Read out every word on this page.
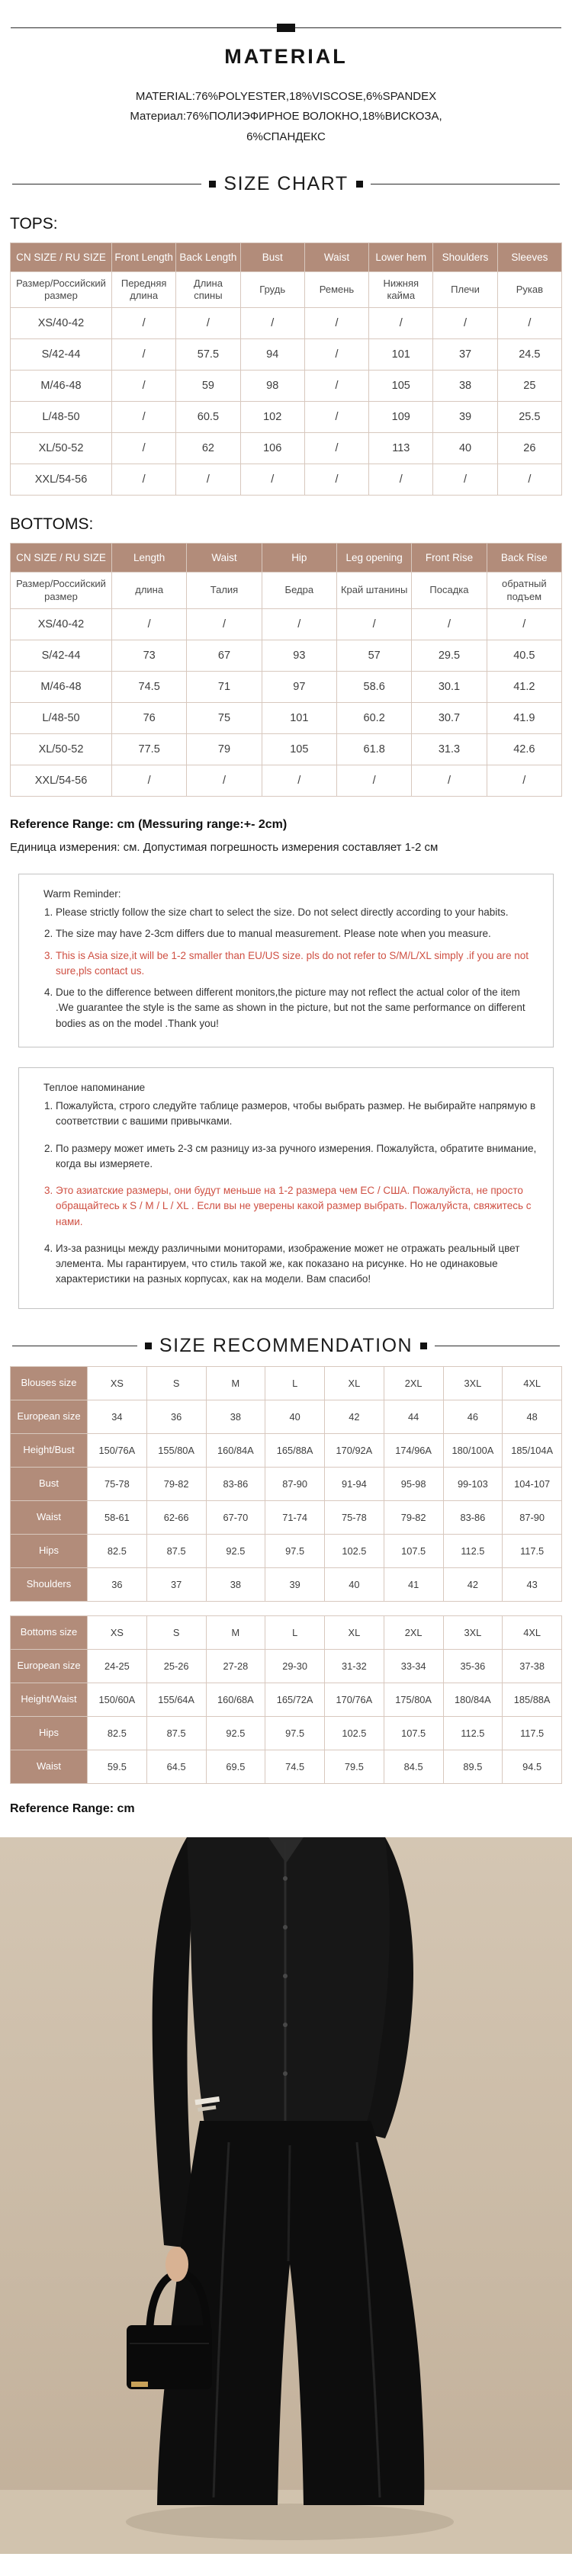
MATERIAL
MATERIAL:76%POLYESTER,18%VISCOSE,6%SPANDEX
Материал:76%ПОЛИЭФИРНОЕ ВОЛОКНО,18%ВИСКОЗА,
6%СПАНДЕКС
SIZE CHART
TOPS:
CN SIZE / RU SIZE	Front Length	Back Length	Bust	Waist	Lower hem	Shoulders	Sleeves
Размер/Российский размер	Передняя длина	Длина спины	Грудь	Ремень	Нижняя кайма	Плечи	Рукав
XS/40-42	/	/	/	/	/	/	/
S/42-44	/	57.5	94	/	101	37	24.5
M/46-48	/	59	98	/	105	38	25
L/48-50	/	60.5	102	/	109	39	25.5
XL/50-52	/	62	106	/	113	40	26
XXL/54-56	/	/	/	/	/	/	/
BOTTOMS:
CN SIZE / RU SIZE	Length	Waist	Hip	Leg opening	Front Rise	Back Rise
Размер/Российский размер	длина	Талия	Бедра	Край штанины	Посадка	обратный подъем
XS/40-42	/	/	/	/	/	/
S/42-44	73	67	93	57	29.5	40.5
M/46-48	74.5	71	97	58.6	30.1	41.2
L/48-50	76	75	101	60.2	30.7	41.9
XL/50-52	77.5	79	105	61.8	31.3	42.6
XXL/54-56	/	/	/	/	/	/

Reference Range: cm (Messuring range:+- 2cm)

Единица измерения: см. Допустимая погрешность измерения составляет 1-2 см

Warm Reminder:
1. Please strictly follow the size chart to select the size. Do not select directly according to your habits.
2. The size may have 2-3cm differs due to manual measurement. Please note when you measure.
3. This is Asia size,it will be 1-2 smaller than EU/US size. pls do not refer to S/M/L/XL simply .if you are not sure,pls contact us.
4. Due to the difference between different monitors,the picture may not reflect the actual color of the item .We guarantee the style is the same as shown in the picture, but not the same performance on different bodies as on the model .Thank you!
Теплое напоминание
1. Пожалуйста, строго следуйте таблице размеров, чтобы выбрать размер. Не выбирайте напрямую в соответствии с вашими привычками.
2. По размеру может иметь 2-3 см разницу из-за ручного измерения. Пожалуйста, обратите внимание, когда вы измеряете.
3. Это азиатские размеры, они будут меньше на 1-2 размера чем ЕС / США. Пожалуйста, не просто обращайтесь к S / M / L / XL . Если вы не уверены какой размер выбрать. Пожалуйста, свяжитесь с нами.
4. Из-за разницы между различными мониторами, изображение может не отражать реальный цвет элемента. Мы гарантируем, что стиль такой же, как показано на рисунке. Но не одинаковые характеристики на разных корпусах, как на модели. Вам спасибо!
SIZE RECOMMENDATION
Blouses size	XS	S	M	L	XL	2XL	3XL	4XL
European size	34	36	38	40	42	44	46	48
Height/Bust	150/76A	155/80A	160/84A	165/88A	170/92A	174/96A	180/100A	185/104A
Bust	75-78	79-82	83-86	87-90	91-94	95-98	99-103	104-107
Waist	58-61	62-66	67-70	71-74	75-78	79-82	83-86	87-90
Hips	82.5	87.5	92.5	97.5	102.5	107.5	112.5	117.5
Shoulders	36	37	38	39	40	41	42	43
Bottoms size	XS	S	M	L	XL	2XL	3XL	4XL
European size	24-25	25-26	27-28	29-30	31-32	33-34	35-36	37-38
Height/Waist	150/60A	155/64A	160/68A	165/72A	170/76A	175/80A	180/84A	185/88A
Hips	82.5	87.5	92.5	97.5	102.5	107.5	112.5	117.5
Waist	59.5	64.5	69.5	74.5	79.5	84.5	89.5	94.5

Reference Range: cm
